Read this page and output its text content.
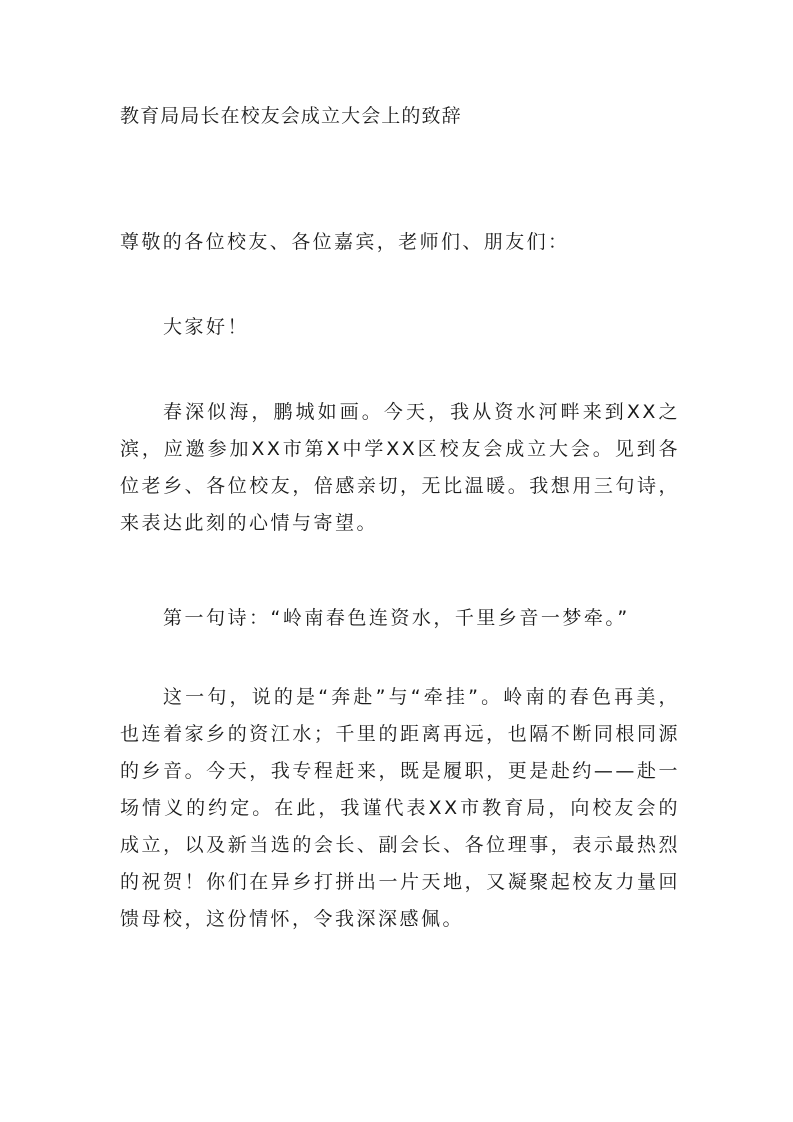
教育局局长在校友会成立大会上的致辞
尊敬的各位校友、各位嘉宾，老师们、朋友们：

大家好！

春深似海，鹏城如画。今天，我从资水河畔来到XX之滨，应邀参加XX市第X中学XX区校友会成立大会。见到各位老乡、各位校友，倍感亲切，无比温暖。我想用三句诗，来表达此刻的心情与寄望。

第一句诗：“岭南春色连资水，千里乡音一梦牵。”

这一句，说的是“奔赴”与“牵挂”。岭南的春色再美，也连着家乡的资江水；千里的距离再远，也隔不断同根同源的乡音。今天，我专程赶来，既是履职，更是赴约——赴一场情义的约定。在此，我谨代表XX市教育局，向校友会的成立，以及新当选的会长、副会长、各位理事，表示最热烈的祝贺！你们在异乡打拼出一片天地，又凝聚起校友力量回馈母校，这份情怀，令我深深感佩。
